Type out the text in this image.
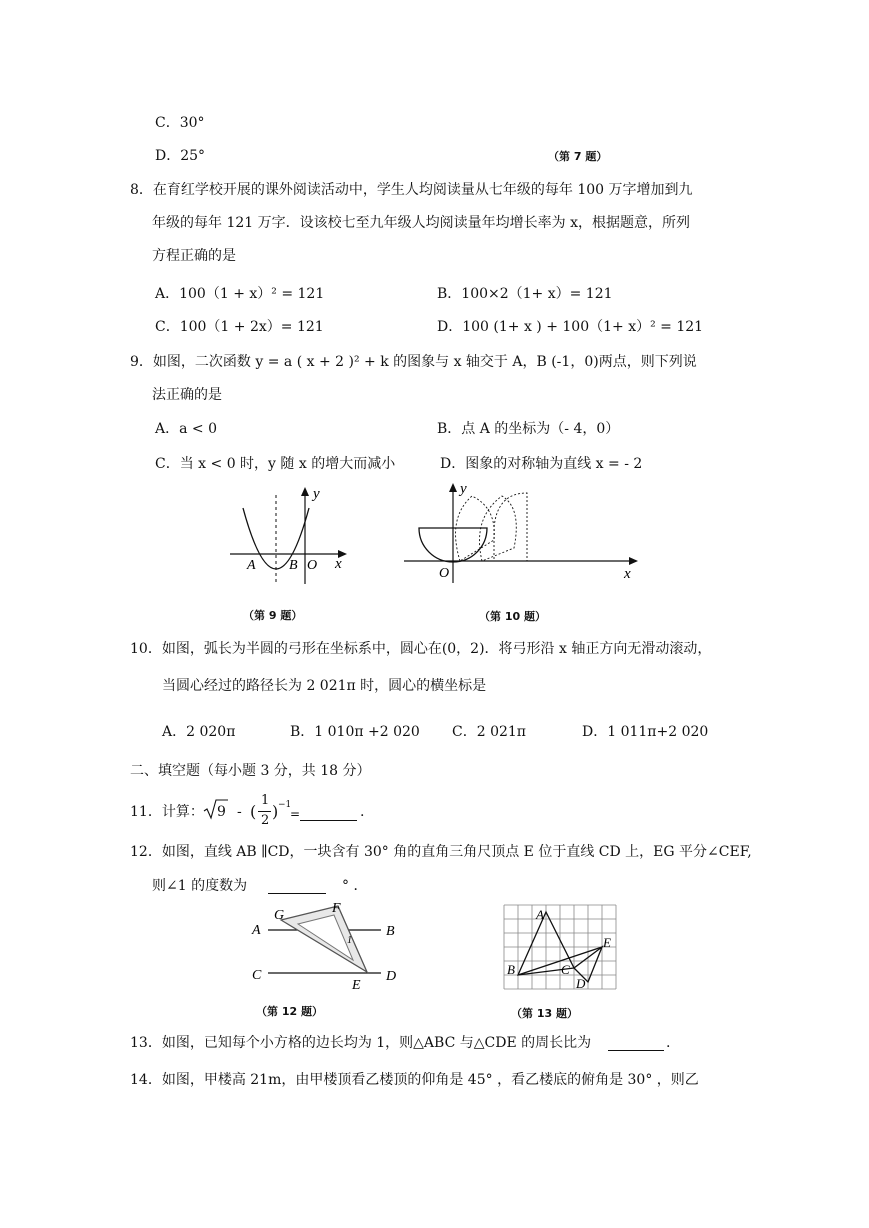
C．30°
D．25°	（第 7 题）
8．在育红学校开展的课外阅读活动中，学生人均阅读量从七年级的每年 100 万字增加到九
年级的每年 121 万字．设该校七至九年级人均阅读量年均增长率为 x，根据题意，所列
方程正确的是
A．100（1 + x）² = 121	B．100×2（1+ x）= 121
C．100（1 + 2x）= 121	D．100 (1+ x ) + 100（1+ x）² = 121
9．如图，二次函数 y = a ( x + 2 )² + k 的图象与 x 轴交于 A，B (-1，0)两点，则下列说
法正确的是
A．a < 0	B．点 A 的坐标为（- 4，0）
C．当 x < 0 时，y 随 x 的增大而减小	D．图象的对称轴为直线 x = - 2
y
x
A B O
（第 9 题）
y
x
O
（第 10 题）
10．如图，弧长为半圆的弓形在坐标系中，圆心在(0，2)．将弓形沿 x 轴正方向无滑动滚动，
当圆心经过的路径长为 2 021π 时，圆心的横坐标是
A．2 020π	B．1 010π +2 020 C．2 021π	D．1 011π+2 020
二、填空题（每小题 3 分，共 18 分）
11．计算： 9 - (
1
2 ) −1
=	.
12．如图，直线 AB ∥CD，一块含有 30° 角的直角三角尺顶点 E 位于直线 CD 上，EG 平分∠CEF,
则∠1 的度数为	° ．
A	B
C	D
E
F
G
1
（第 12 题）
A
B	C
D
E
（第 13 题）
13．如图，已知每个小方格的边长均为 1，则△ABC 与△CDE 的周长比为	.
14．如图，甲楼高 21m，由甲楼顶看乙楼顶的仰角是 45° ，看乙楼底的俯角是 30° ，则乙
